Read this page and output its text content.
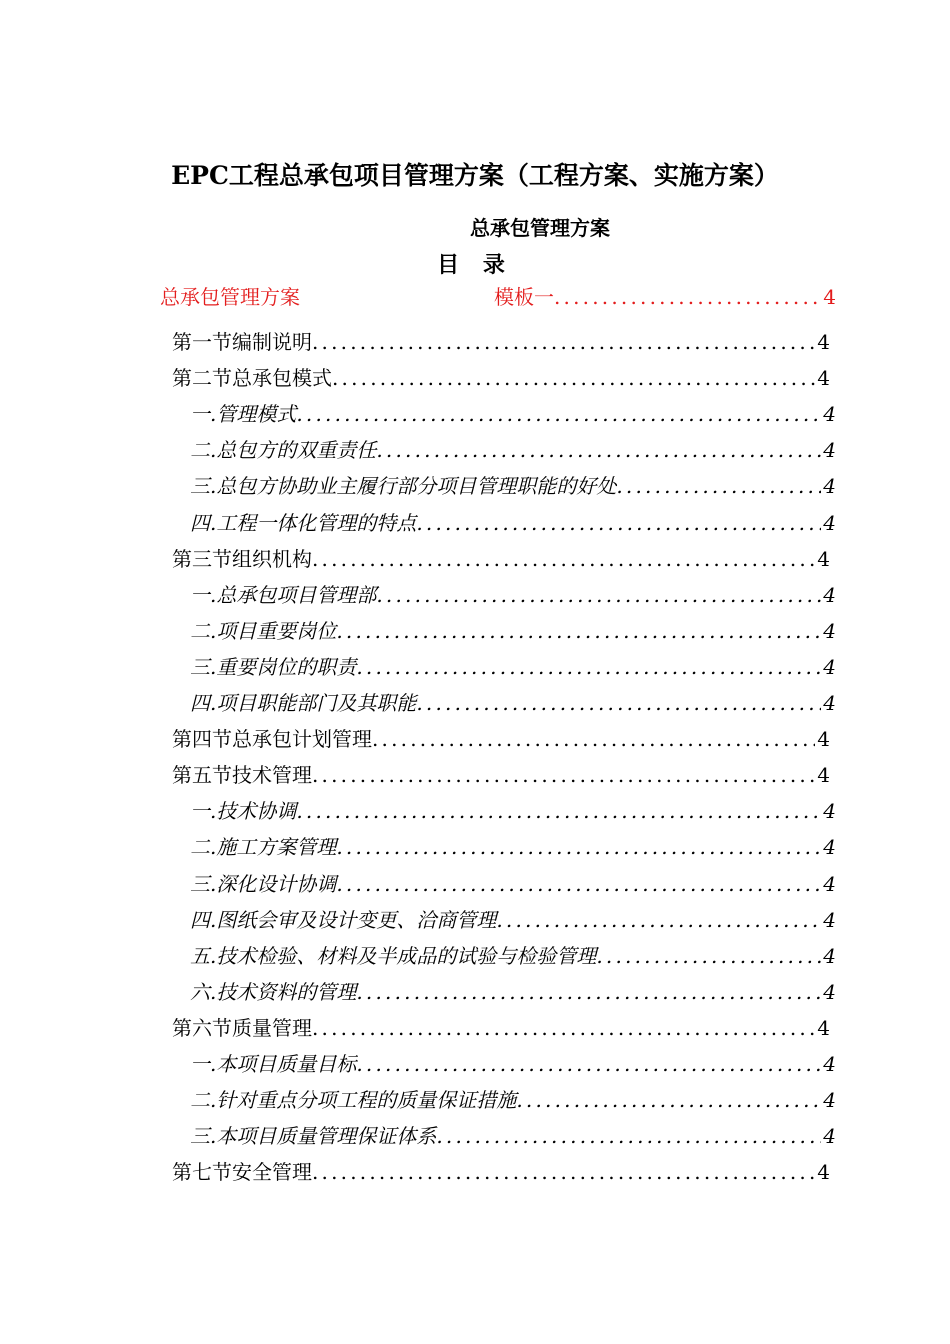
EPC工程总承包项目管理方案（工程方案、实施方案）
总承包管理方案
目 录
总承包管理方案	模板一 .....	4
第一节 编制说明 .....	4
第二节 总承包模式 .....	4
一. 管理模式 .....	4
二. 总包方的双重责任 .....	4
三. 总包方协助业主履行部分项目管理职能的好处 .....	4
四. 工程一体化管理的特点 .....	4
第三节 组织机构 .....	4
一. 总承包项目管理部 .....	4
二. 项目重要岗位 .....	4
三. 重要岗位的职责 .....	4
四. 项目职能部门及其职能 .....	4
第四节 总承包计划管理 .....	4
第五节 技术管理 .....	4
一. 技术协调 .....	4
二. 施工方案管理 .....	4
三. 深化设计协调 .....	4
四. 图纸会审及设计变更、洽商管理 .....	4
五. 技术检验、材料及半成品的试验与检验管理 .....	4
六. 技术资料的管理 .....	4
第六节 质量管理 .....	4
一. 本项目质量目标 .....	4
二. 针对重点分项工程的质量保证措施 .....	4
三. 本项目质量管理保证体系 .....	4
第七节 安全管理 .....	4
